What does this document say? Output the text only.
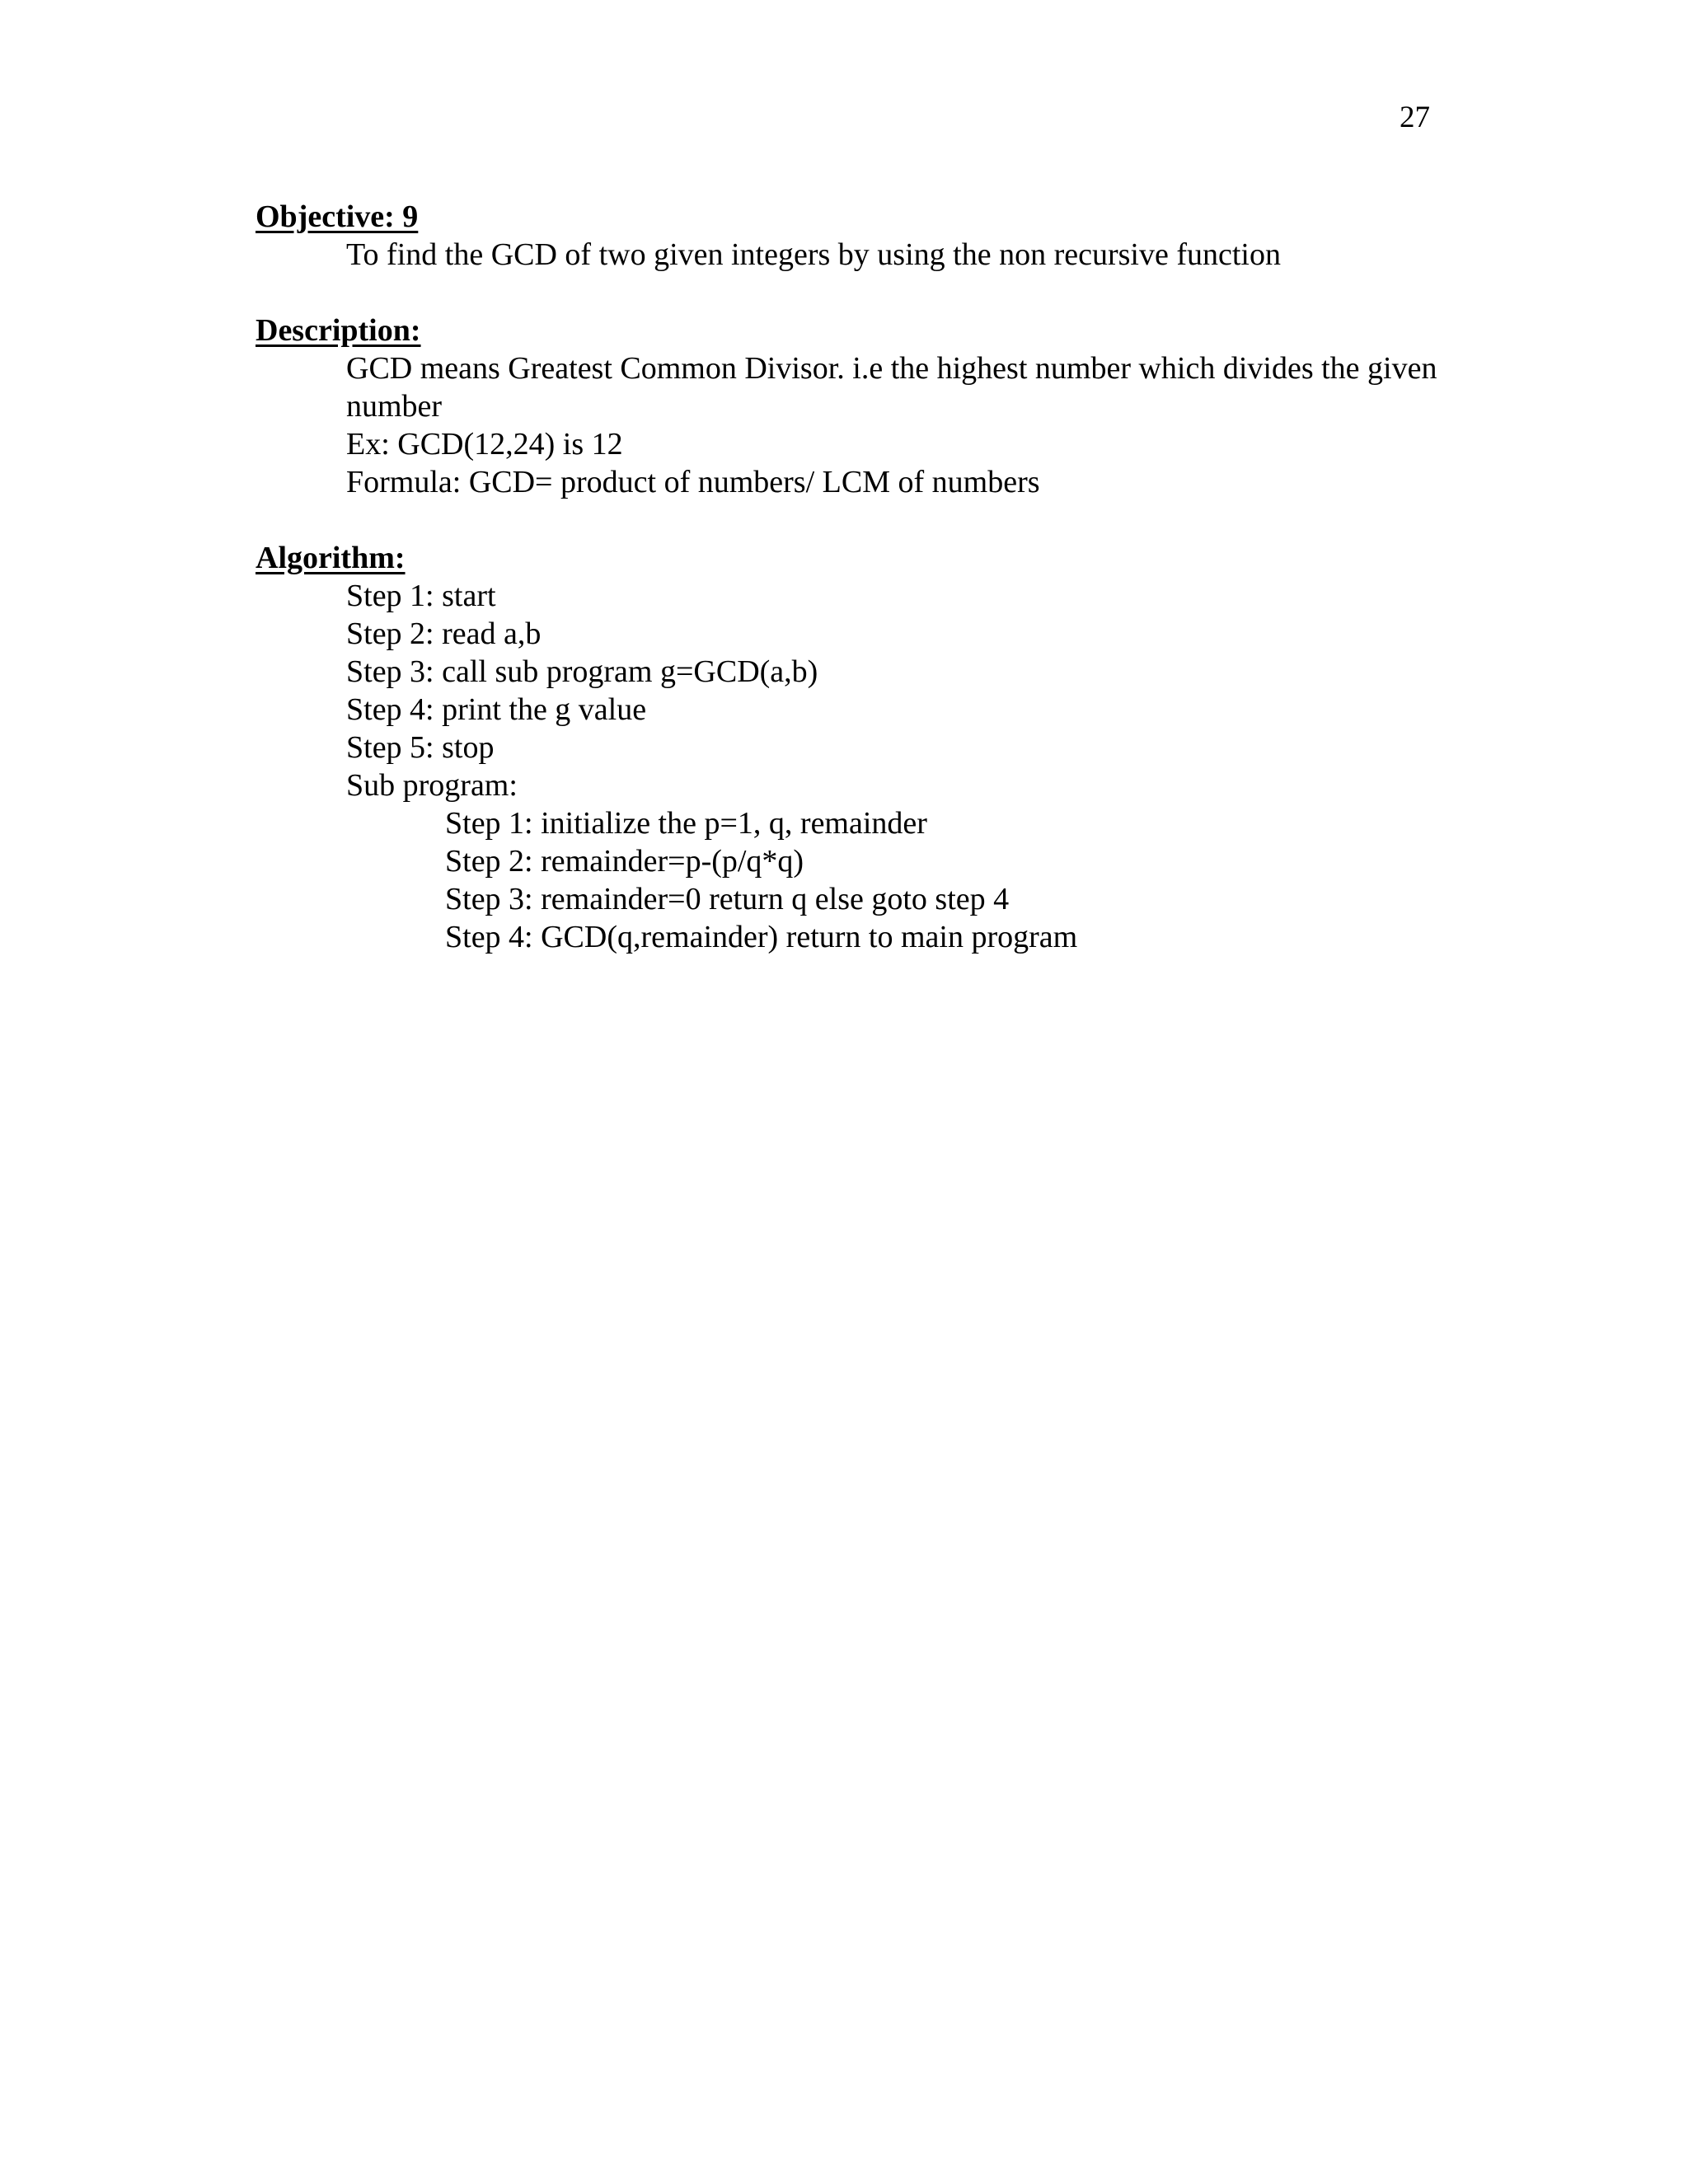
27
Objective: 9
To find the GCD of two given integers by using the non recursive function
Description:
GCD means Greatest Common Divisor. i.e the highest number which divides the given number
Ex: GCD(12,24) is 12
Formula: GCD= product of numbers/ LCM of numbers
Algorithm:
Step 1: start
Step 2: read a,b
Step 3: call sub program g=GCD(a,b)
Step 4: print the g value
Step 5: stop
Sub program:
Step 1: initialize the p=1, q, remainder
Step 2: remainder=p-(p/q*q)
Step 3: remainder=0 return q else goto step 4
Step 4: GCD(q,remainder) return to main program
